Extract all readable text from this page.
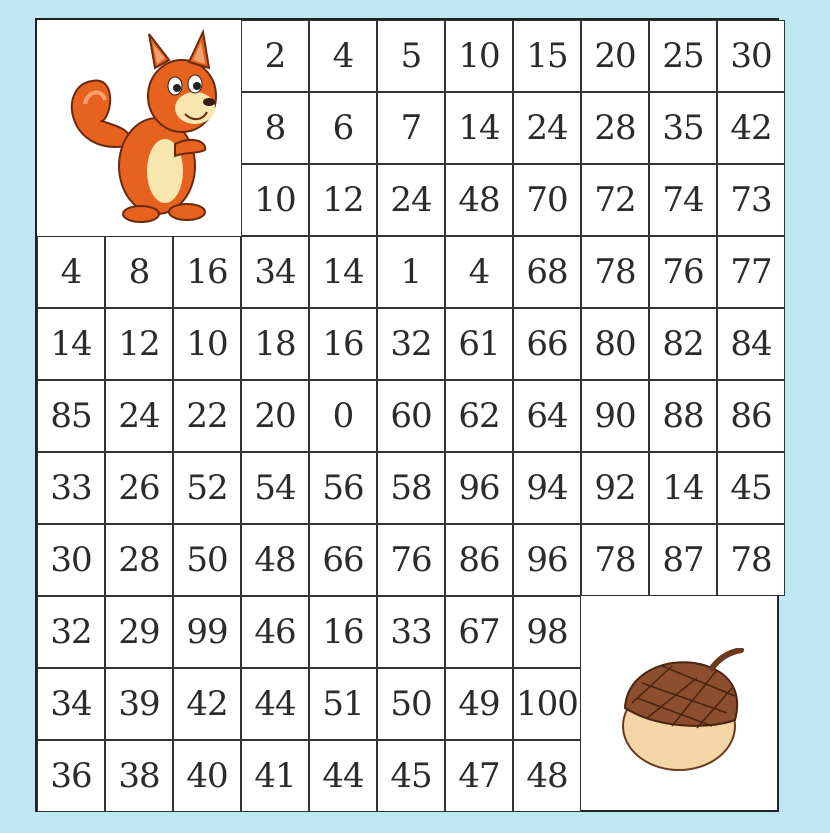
2	4	5	10 15 20 25 30
8	6	7	14 24 28 35 42
10 12 24 48 70 72 74 73
4	8	16 34 14	1	4	68 78 76 77
14 12 10 18 16 32 61 66 80 82 84
85 24 22 20	0	60 62 64 90 88 86
33 26 52 54 56 58 96 94 92 14 45
30 28 50 48 66 76 86 96 78 87 78
32 29 99 46 16 33 67 98
34 39 42 44 51 50 49 100
36 38 40 41 44 45 47 48
